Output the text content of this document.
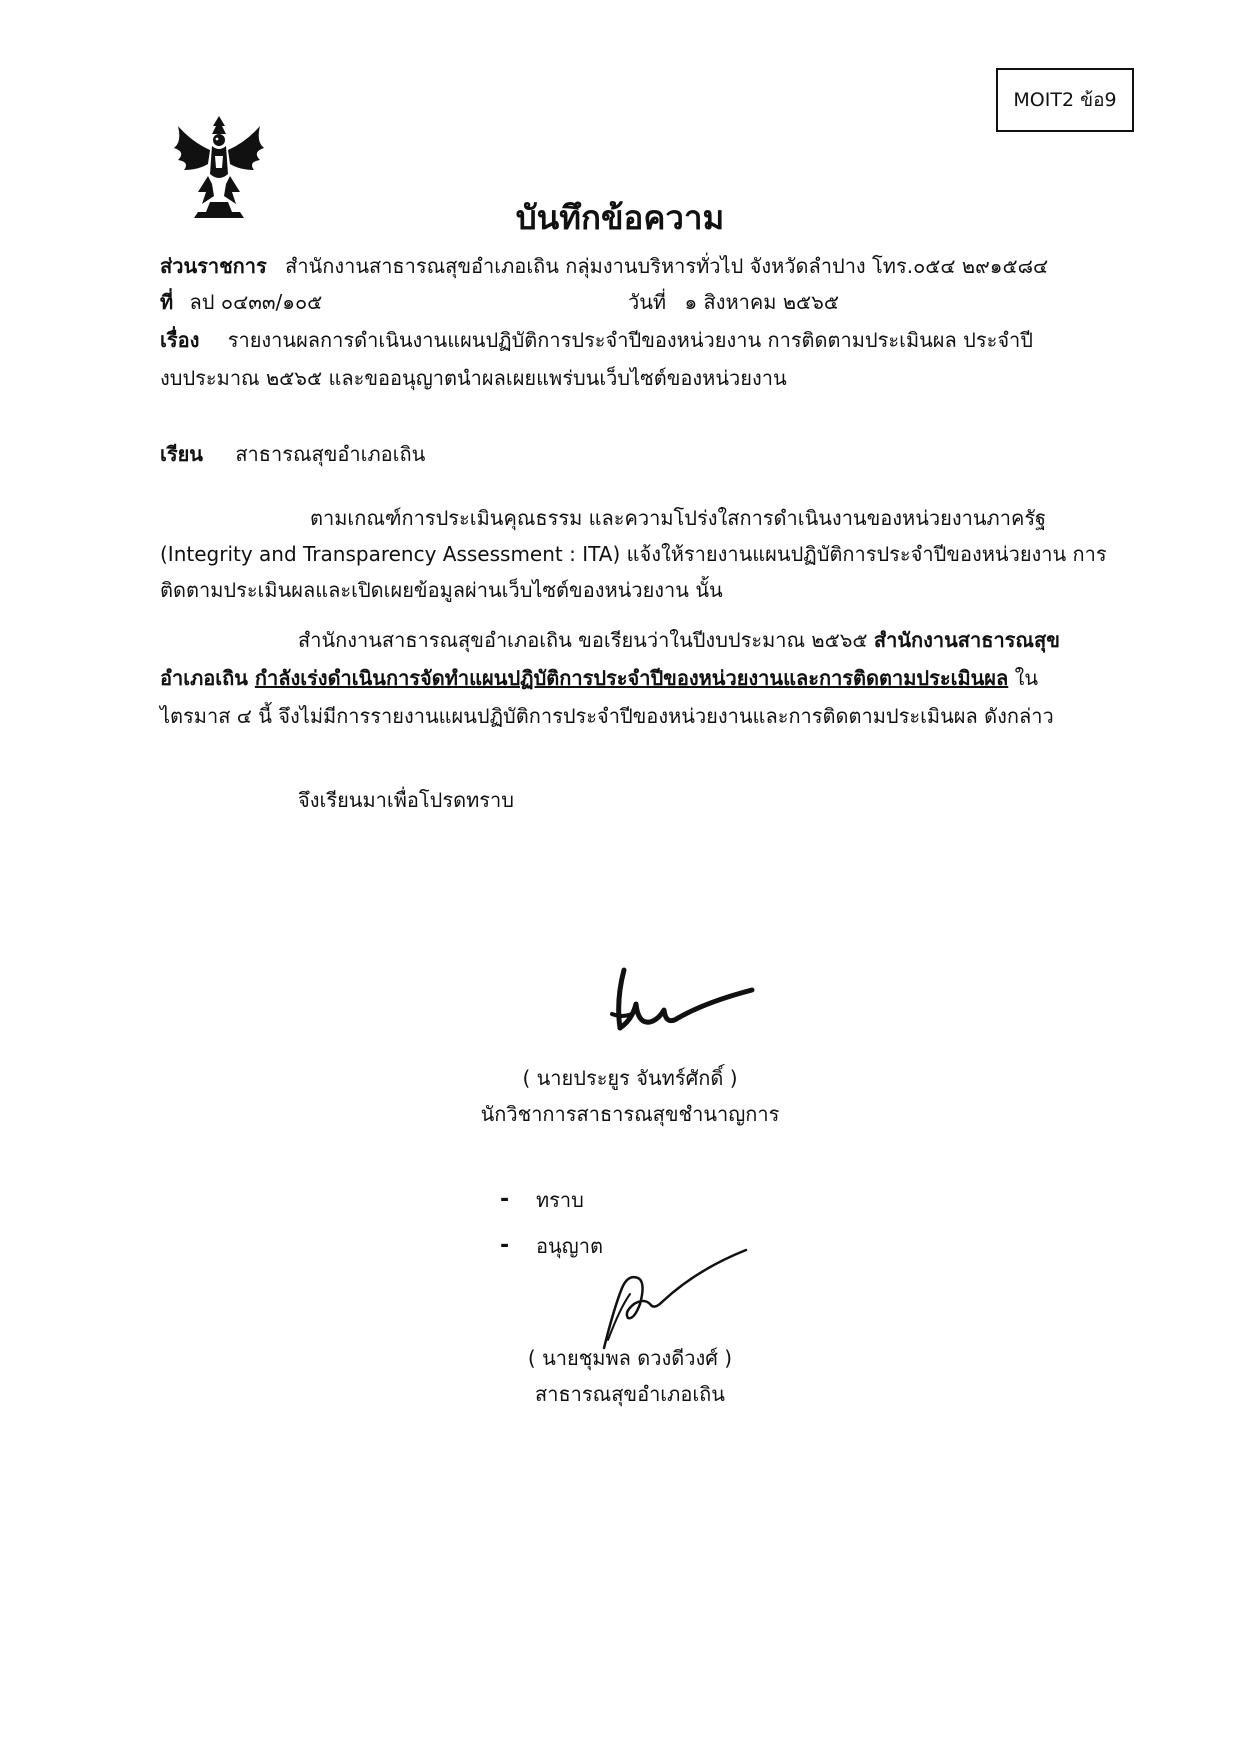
MOIT2 ข้อ9
บันทึกข้อความ
ส่วนราชการ สำนักงานสาธารณสุขอำเภอเถิน กลุ่มงานบริหารทั่วไป จังหวัดลำปาง โทร.๐๕๔ ๒๙๑๕๘๔
ที่ ลป ๐๔๓๓/๑๐๕	วันที่ ๑ สิงหาคม ๒๕๖๕
เรื่อง รายงานผลการดำเนินงานแผนปฏิบัติการประจำปีของหน่วยงาน การติดตามประเมินผล ประจำปี
งบประมาณ ๒๕๖๕ และขออนุญาตนำผลเผยแพร่บนเว็บไซต์ของหน่วยงาน
เรียน สาธารณสุขอำเภอเถิน
ตามเกณฑ์การประเมินคุณธรรม และความโปร่งใสการดำเนินงานของหน่วยงานภาครัฐ
(Integrity and Transparency Assessment : ITA) แจ้งให้รายงานแผนปฏิบัติการประจำปีของหน่วยงาน การ
ติดตามประเมินผลและเปิดเผยข้อมูลผ่านเว็บไซต์ของหน่วยงาน นั้น
สำนักงานสาธารณสุขอำเภอเถิน ขอเรียนว่าในปีงบประมาณ ๒๕๖๕ สำนักงานสาธารณสุข
อำเภอเถิน กำลังเร่งดำเนินการจัดทำแผนปฏิบัติการประจำปีของหน่วยงานและการติดตามประเมินผล ใน
ไตรมาส ๔ นี้ จึงไม่มีการรายงานแผนปฏิบัติการประจำปีของหน่วยงานและการติดตามประเมินผล ดังกล่าว
จึงเรียนมาเพื่อโปรดทราบ
( นายประยูร จันทร์ศักดิ์ )
นักวิชาการสาธารณสุขชำนาญการ
- ทราบ
- อนุญาต
( นายชุมพล ดวงดีวงศ์ )
สาธารณสุขอำเภอเถิน
